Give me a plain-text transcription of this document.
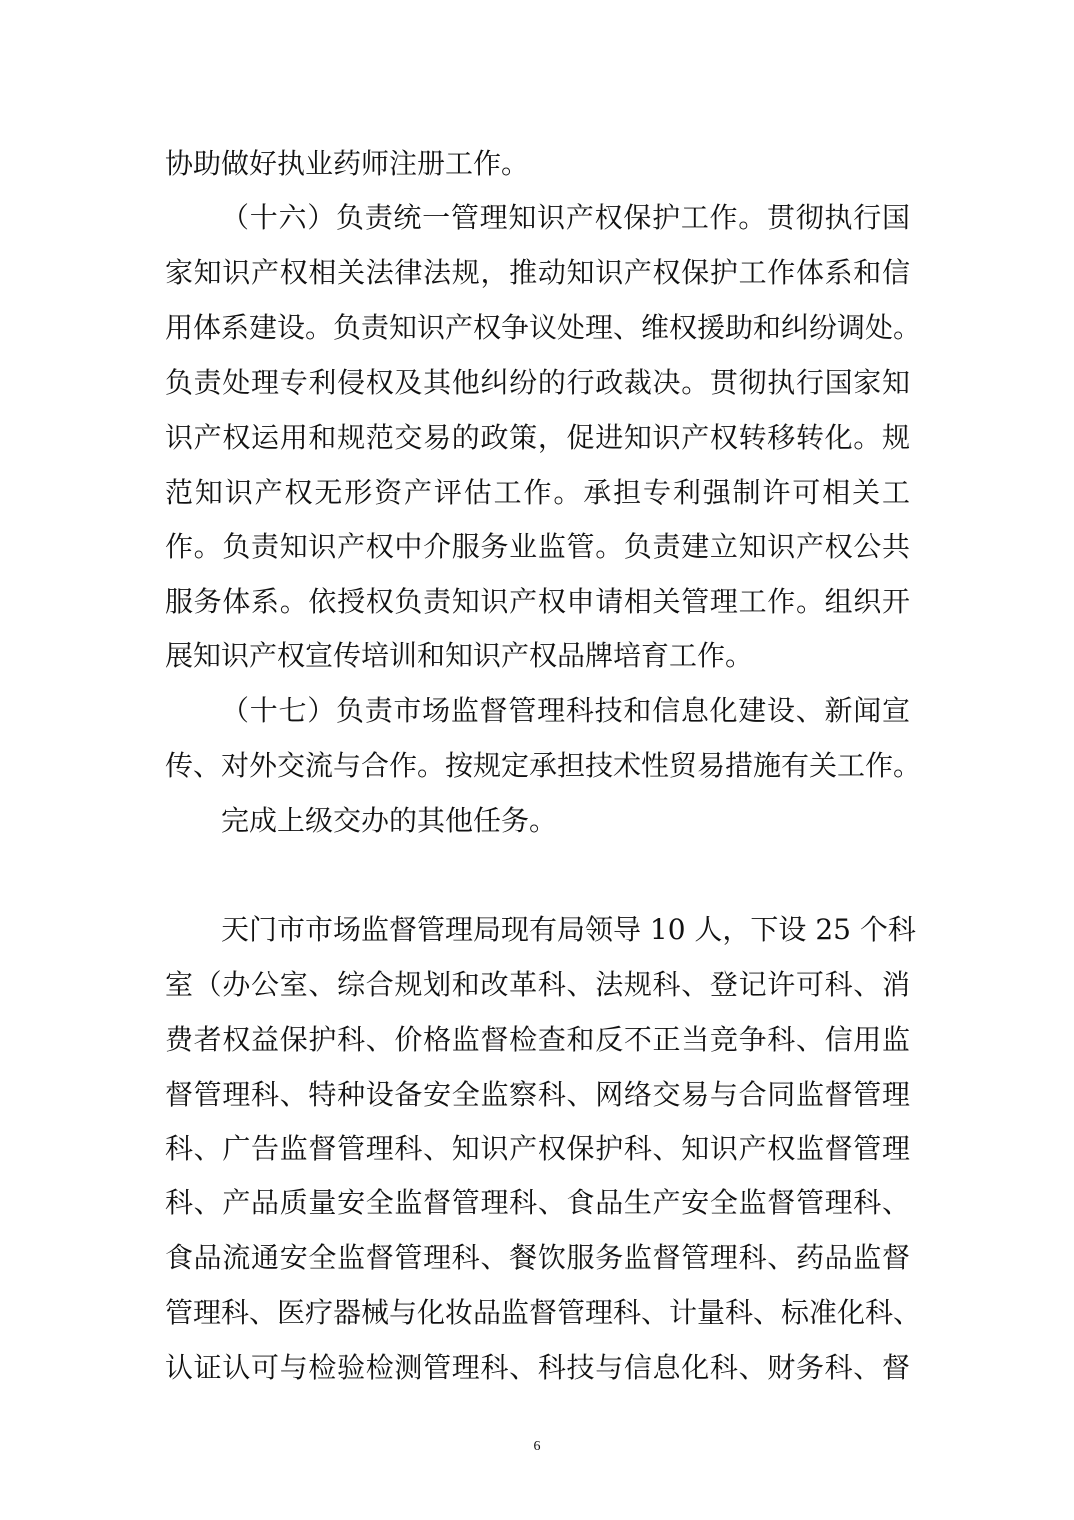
协助做好执业药师注册工作。
（十六）负责统一管理知识产权保护工作。贯彻执行国
家知识产权相关法律法规，推动知识产权保护工作体系和信
用体系建设。负责知识产权争议处理、维权援助和纠纷调处。
负责处理专利侵权及其他纠纷的行政裁决。贯彻执行国家知
识产权运用和规范交易的政策，促进知识产权转移转化。规
范知识产权无形资产评估工作。承担专利强制许可相关工
作。负责知识产权中介服务业监管。负责建立知识产权公共
服务体系。依授权负责知识产权申请相关管理工作。组织开
展知识产权宣传培训和知识产权品牌培育工作。
（十七）负责市场监督管理科技和信息化建设、新闻宣
传、对外交流与合作。按规定承担技术性贸易措施有关工作。
完成上级交办的其他任务。
天门市市场监督管理局现有局领导 10 人，下设 25 个科
室（办公室、综合规划和改革科、法规科、登记许可科、消
费者权益保护科、价格监督检查和反不正当竞争科、信用监
督管理科、特种设备安全监察科、网络交易与合同监督管理
科、广告监督管理科、知识产权保护科、知识产权监督管理
科、产品质量安全监督管理科、食品生产安全监督管理科、
食品流通安全监督管理科、餐饮服务监督管理科、药品监督
管理科、医疗器械与化妆品监督管理科、计量科、标准化科、
认证认可与检验检测管理科、科技与信息化科、财务科、督
6
